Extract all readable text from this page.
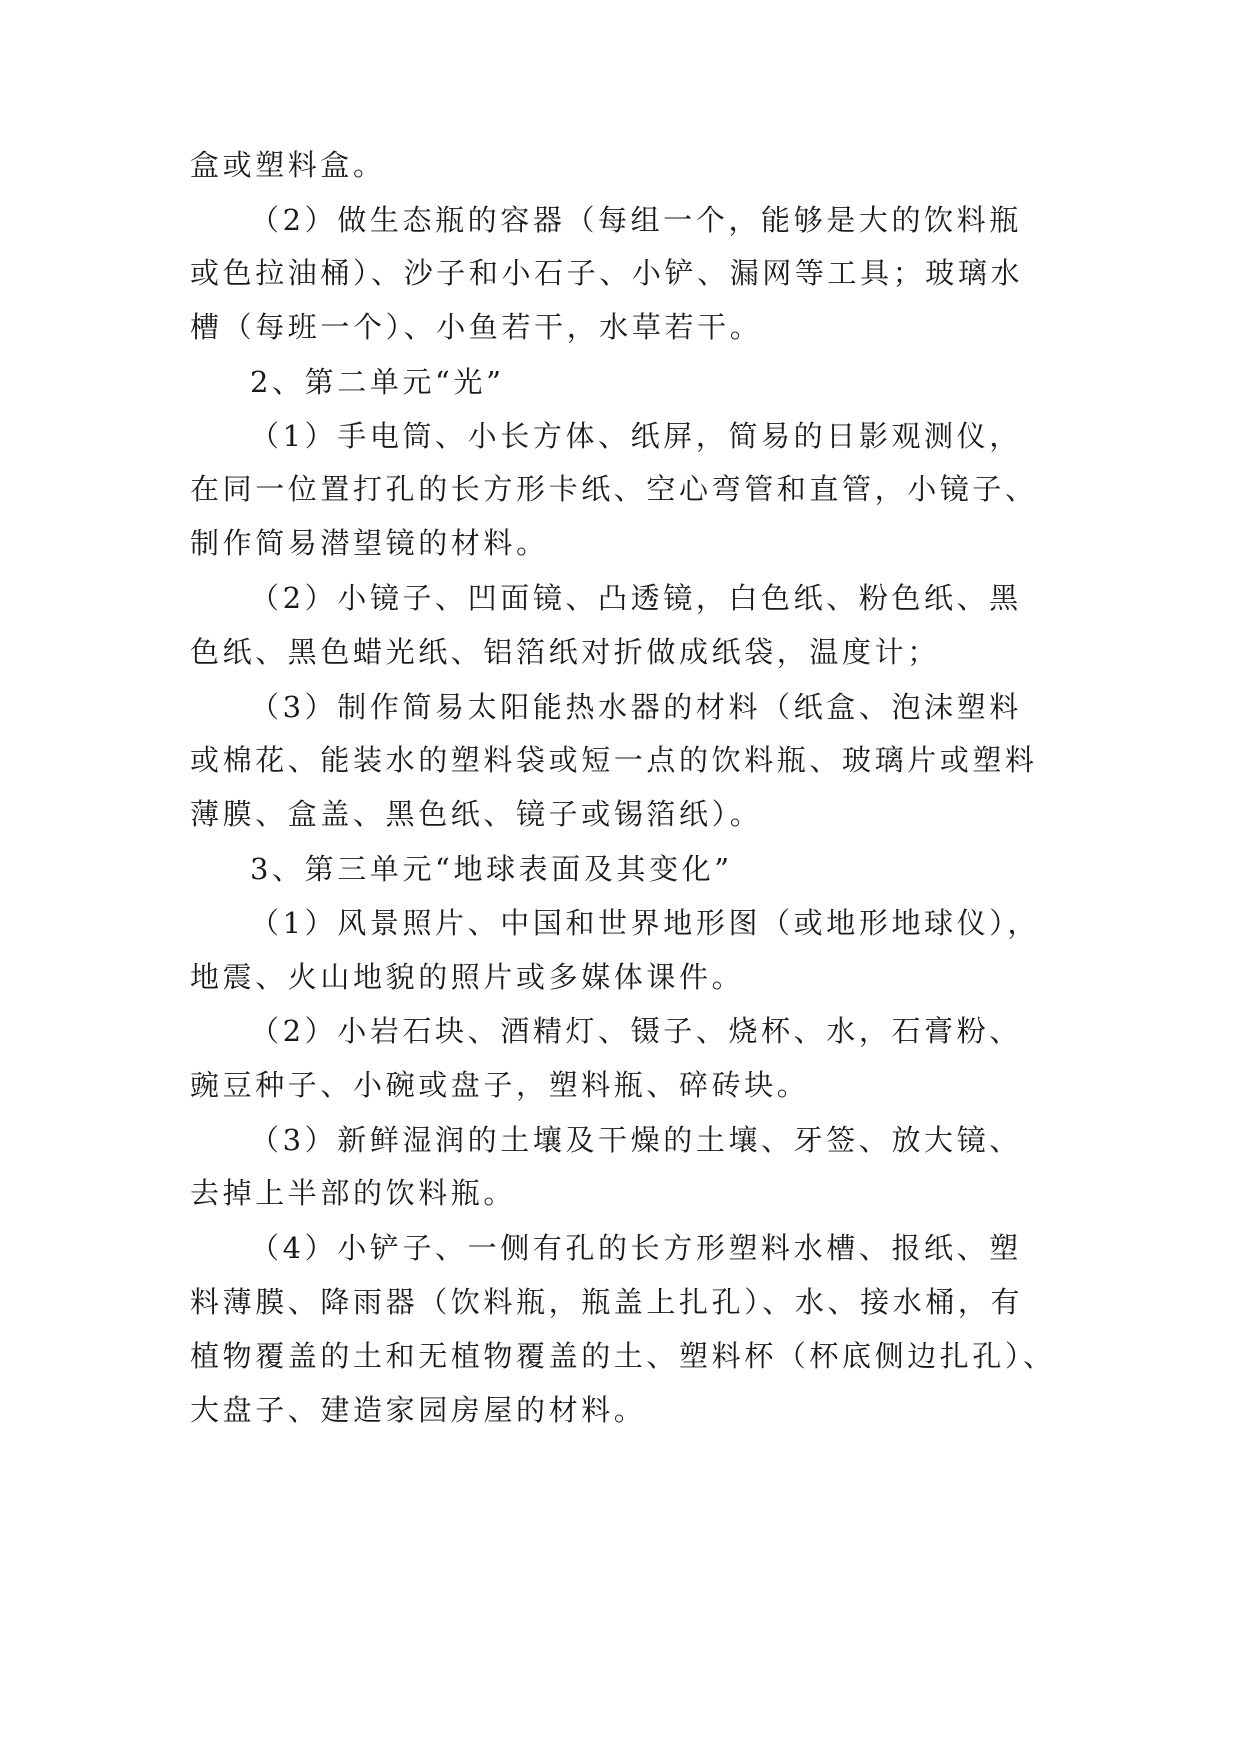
盒或塑料盒。
（2）做生态瓶的容器（每组一个，能够是大的饮料瓶
或色拉油桶）、沙子和小石子、小铲、漏网等工具；玻璃水
槽（每班一个）、小鱼若干，水草若干。
2、第二单元“光”
（1）手电筒、小长方体、纸屏，简易的日影观测仪，
在同一位置打孔的长方形卡纸、空心弯管和直管，小镜子、
制作简易潜望镜的材料。
（2）小镜子、凹面镜、凸透镜，白色纸、粉色纸、黑
色纸、黑色蜡光纸、铝箔纸对折做成纸袋，温度计；
（3）制作简易太阳能热水器的材料（纸盒、泡沫塑料
或棉花、能装水的塑料袋或短一点的饮料瓶、玻璃片或塑料
薄膜、盒盖、黑色纸、镜子或锡箔纸）。
3、第三单元“地球表面及其变化”
（1）风景照片、中国和世界地形图（或地形地球仪），
地震、火山地貌的照片或多媒体课件。
（2）小岩石块、酒精灯、镊子、烧杯、水，石膏粉、
豌豆种子、小碗或盘子，塑料瓶、碎砖块。
（3）新鲜湿润的土壤及干燥的土壤、牙签、放大镜、
去掉上半部的饮料瓶。
（4）小铲子、一侧有孔的长方形塑料水槽、报纸、塑
料薄膜、降雨器（饮料瓶，瓶盖上扎孔）、水、接水桶，有
植物覆盖的土和无植物覆盖的土、塑料杯（杯底侧边扎孔）、
大盘子、建造家园房屋的材料。
